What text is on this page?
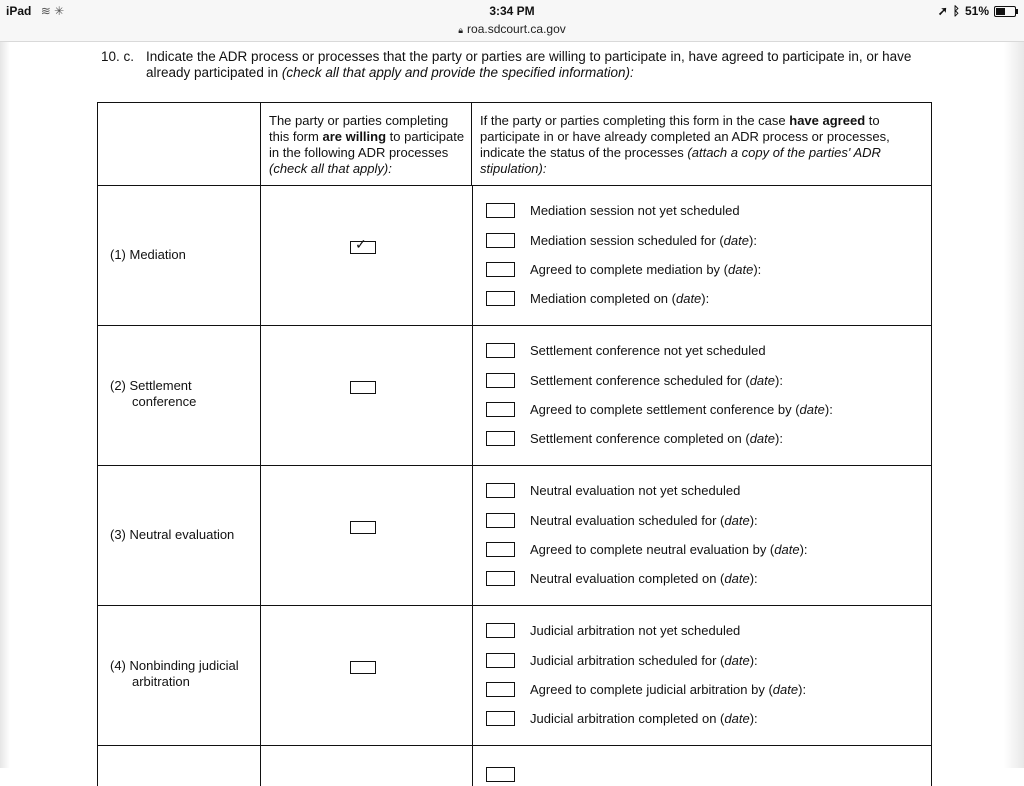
iPad ≋ ✳	3:34 PM	➚ ᛒ 51%
🔒︎ roa.sdcourt.ca.gov
10. c. Indicate the ADR process or processes that the party or parties are willing to participate in, have agreed to participate in, or have already participated in (check all that apply and provide the specified information):
The party or parties completing this form are willing to participate in the following ADR processes (check all that apply):
If the party or parties completing this form in the case have agreed to participate in or have already completed an ADR process or processes, indicate the status of the processes (attach a copy of the parties' ADR stipulation):
(1) Mediation
✓
Mediation session not yet scheduled
Mediation session scheduled for (date):
Agreed to complete mediation by (date):
Mediation completed on (date):
(2) Settlement
conference
Settlement conference not yet scheduled
Settlement conference scheduled for (date):
Agreed to complete settlement conference by (date):
Settlement conference completed on (date):
(3) Neutral evaluation
Neutral evaluation not yet scheduled
Neutral evaluation scheduled for (date):
Agreed to complete neutral evaluation by (date):
Neutral evaluation completed on (date):
(4) Nonbinding judicial
arbitration
Judicial arbitration not yet scheduled
Judicial arbitration scheduled for (date):
Agreed to complete judicial arbitration by (date):
Judicial arbitration completed on (date):
